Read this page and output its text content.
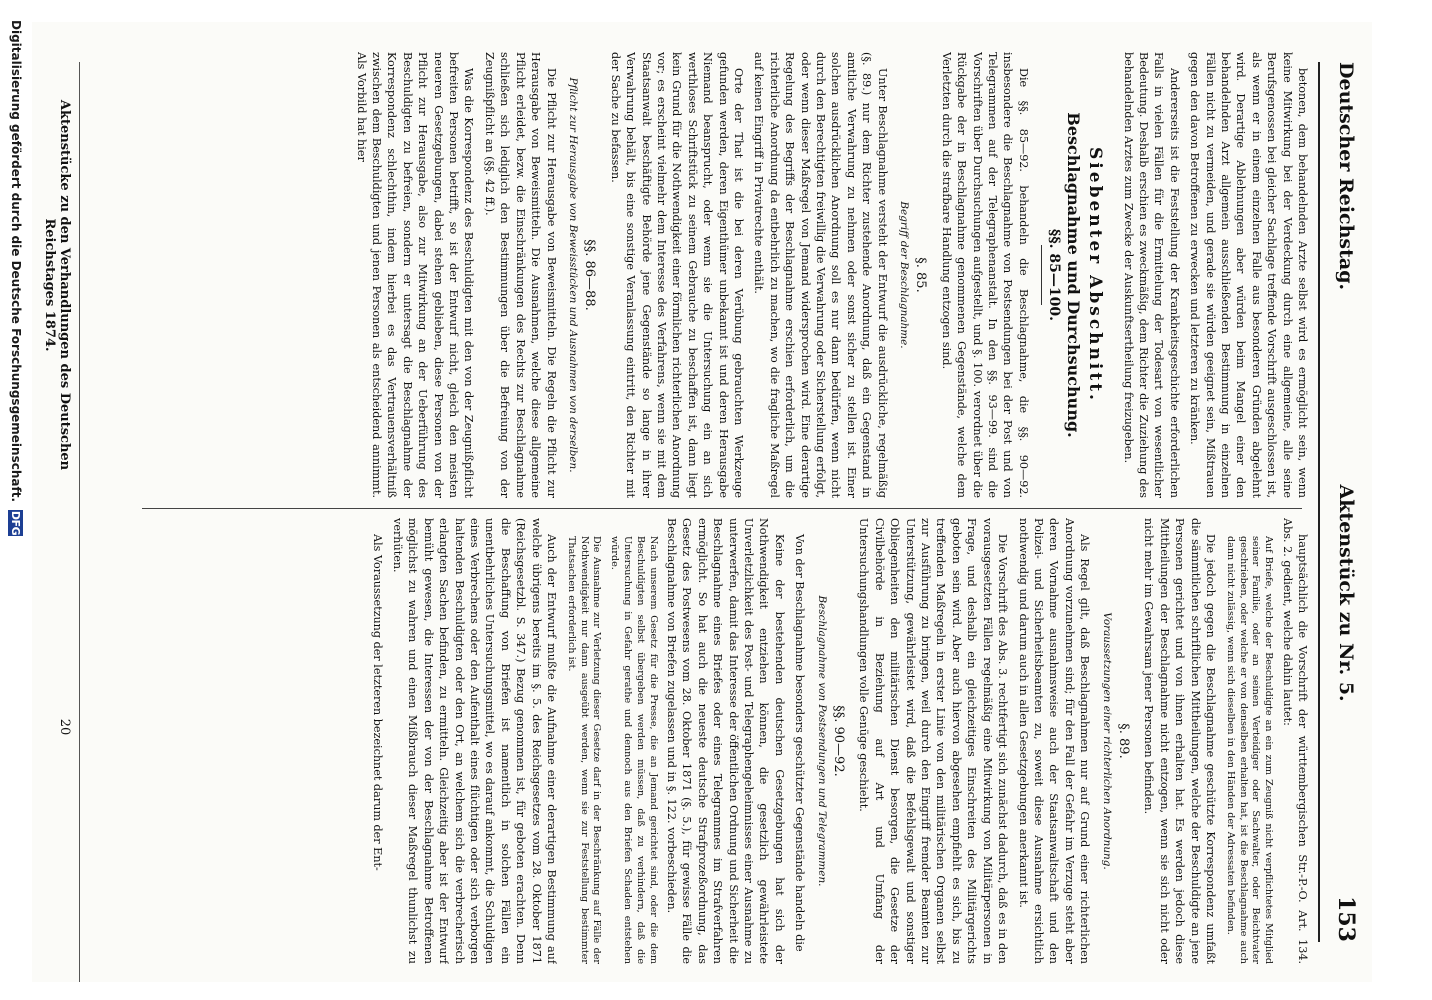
Deutscher Reichstag.
Aktenstück zu Nr. 5.
153

betonen, dem behandelnden Arzte selbst wird es ermöglicht sein, wenn keine Mitwirkung bei der Verdeckung durch eine allgemeine, alle seine Berufsgenossen bei gleicher Sachlage treffende Vorschrift ausgeschlossen ist, als wenn er in einem einzelnen Falle aus besonderen Gründen abgelehnt wird. Derartige Ablehnungen aber würden beim Mangel einer den behandelnden Arzt allgemein ausschließenden Bestimmung in einzelnen Fällen nicht zu vermeiden, und gerade sie würden geeignet sein, Mißtrauen gegen den davon Betroffenen zu erwecken und letzteren zu kränken.

Andererseits ist die Feststellung der Krankheitsgeschichte erforderlichen Falls in vielen Fällen für die Ermittelung der Todesart von wesentlicher Bedeutung. Deshalb erschien es zweckmäßig, dem Richter die Zuziehung des behandelnden Arztes zum Zwecke der Auskunftsertheilung freizugeben.

Siebenter Abschnitt.
Beschlagnahme und Durchsuchung.
§§. 85—100.

Die §§. 85—92. behandeln die Beschlagnahme, die §§. 90—92. insbesondere die Beschlagnahme von Postsendungen bei der Post und von Telegrammen auf der Telegraphenanstalt. In den §§. 93—99. sind die Vorschriften über Durchsuchungen aufgestellt, und §. 100. verordnet über die Rückgabe der in Beschlagnahme genommenen Gegenstände, welche dem Verletzten durch die strafbare Handlung entzogen sind.

§. 85.
Begriff der Beschlagnahme.

Unter Beschlagnahme versteht der Entwurf die ausdrückliche, regelmäßig (§. 89.) nur dem Richter zustehende Anordnung, daß ein Gegenstand in amtliche Verwahrung zu nehmen oder sonst sicher zu stellen ist. Einer solchen ausdrücklichen Anordnung soll es nur dann bedürfen, wenn nicht durch den Berechtigten freiwillig die Verwahrung oder Sicherstellung erfolgt, oder wenn dieser Maßregel von Jemand widersprochen wird. Eine derartige Regelung des Begriffs der Beschlagnahme erschien erforderlich, um die richterliche Anordnung da entbehrlich zu machen, wo die fragliche Maßregel auf keinen Eingriff in Privatrechte enthält.

Orte der That ist die bei deren Verübung gebrauchten Werkzeuge gefunden werden, deren Eigenthümer unbekannt ist und deren Herausgabe Niemand beansprucht, oder wenn sie die Untersuchung ein an sich werthloses Schriftstück zu seinem Gebrauche zu beschaffen ist, dann liegt kein Grund für die Nothwendigkeit einer förmlichen richterlichen Anordnung vor; es erscheint vielmehr dem Interesse des Verfahrens, wenn sie mit dem Staatsanwalt beschäftigte Behörde jene Gegenstände so lange in ihrer Verwahrung behält, bis eine sonstige Veranlassung eintritt, den Richter mit der Sache zu befassen.

§§. 86—88.
Pflicht zur Herausgabe von Beweisstücken und Ausnahmen von derselben.

Die Pflicht zur Herausgabe von Beweismitteln. Die Regeln die Pflicht zur Herausgabe von Beweismitteln. Die Ausnahmen, welche diese allgemeine Pflicht erleidet, bezw. die Einschränkungen des Rechts zur Beschlagnahme schließen sich lediglich den Bestimmungen über die Befreiung von der Zeugnißpflicht an (§§. 42 ff.).

Was die Korrespondenz des Beschuldigten mit den von der Zeugnißpflicht befreiten Personen betrifft, so ist der Entwurf nicht, gleich den meisten neueren Gesetzgebungen, dabei stehen geblieben, diese Personen von der Pflicht zur Herausgabe, also zur Mitwirkung an der Ueberführung des Beschuldigten zu befreien, sondern er untersagt die Beschlagnahme der Korrespondenz schlechthin, indem hierbei es das Vertrauensverhältniß zwischen dem Beschuldigten und jenen Personen als entscheidend annimmt. Als Vorbild hat hier

hauptsächlich die Vorschrift der württembergischen Str.-P.-O. Art. 134. Abs. 2. gedient, welche dahin lautet:

Auf Briefe, welche der Beschuldigte an ein zum Zeugniß nicht verpflichtetes Mitglied seiner Familie, oder an seinen Verteidiger oder Sachwalter, oder Beichtvater geschrieben, oder welche er von denselben erhalten hat, ist die Beschlagnahme auch dann nicht zulässig, wenn sich dieselben in den Händen der Adressaten befinden.

Die jedoch gegen die Beschlagnahme geschützte Korrespondenz umfaßt die sämmtlichen schriftlichen Mittheilungen, welche der Beschuldigte an jene Personen gerichtet und von ihnen erhalten hat. Es werden jedoch diese Mittheilungen der Beschlagnahme nicht entzogen, wenn sie sich nicht oder nicht mehr im Gewahrsam jener Personen befinden.

§. 89.
Voraussetzungen einer richterlichen Anordnung.

Als Regel gilt, daß Beschlagnahmen nur auf Grund einer richterlichen Anordnung vorzunehmen sind; für den Fall der Gefahr im Verzuge steht aber deren Vornahme ausnahmsweise auch der Staatsanwaltschaft und den Polizei- und Sicherheitsbeamten zu, soweit diese Ausnahme ersichtlich nothwendig und darum auch in allen Gesetzgebungen anerkannt ist.

Die Vorschrift des Abs. 3. rechtfertigt sich zunächst dadurch, daß es in den vorausgesetzten Fällen regelmäßig eine Mitwirkung von Militärpersonen in Frage, und deshalb ein gleichzeitiges Einschreiten des Militärgerichts geboten sein wird. Aber auch hiervon abgesehen empfiehlt es sich, bis zu treffenden Maßregeln in erster Linie von den militärischen Organen selbst zur Ausführung zu bringen, weil durch den Eingriff fremder Beamten zur Unterstützung, gewährleistet wird, daß die Befehlsgewalt und sonstiger Obliegenheiten den militärischen Dienst besorgen, die Gesetze der Civilbehörde in Beziehung auf Art und Umfang der Untersuchungshandlungen volle Genüge geschieht.

§§. 90—92.
Beschlagnahme von Postsendungen und Telegrammen.

Von der Beschlagnahme besonders geschützter Gegenstände handeln die

Keine der bestehenden deutschen Gesetzgebungen hat sich der Nothwendigkeit entziehen können, die gesetzlich gewährleistete Unverletzlichkeit des Post- und Telegraphengeheimnisses einer Ausnahme zu unterwerfen, damit das Interesse der öffentlichen Ordnung und Sicherheit die Beschlagnahme eines Briefes oder eines Telegrammes im Strafverfahren ermöglicht. So hat auch die neueste deutsche Strafprozeßordnung, das Gesetz des Postwesens vom 28. Oktober 1871 (§. 5.), für gewisse Fälle die Beschlagnahme von Briefen zugelassen und in §. 122. vorbeschieden.

Nach unserem Gesetz für die Presse, die an Jemand gerichtet sind, oder die dem Beschuldigten selbst übergeben werden müssen, daß zu verhindern, daß die Untersuchung in Gefahr gerathe und dennoch aus den Briefen Schaden entstehen würde.

Die Ausnahme zur Verletzung dieser Gesetze darf in der Beschränkung auf Fälle der Nothwendigkeit nur dann ausgeübt werden, wenn sie zur Feststellung bestimmter Thatsachen erforderlich ist.

Auch der Entwurf mußte die Aufnahme einer derartigen Bestimmung auf welche übrigens bereits im §. 5. des Reichsgesetzes vom 28. Oktober 1871 (Reichsgesetzbl. S. 347.) Bezug genommen ist, für geboten erachten. Denn die Beschaffung von Briefen ist namentlich in solchen Fällen ein unentbehrliches Untersuchungsmittel, wo es darauf ankommt, die Schuldigen eines Verbrechens oder den Aufenthalt eines flüchtigen oder sich verborgen haltenden Beschuldigten oder den Ort, an welchem sich die verbrecherisch erlangten Sachen befinden, zu ermitteln. Gleichzeitig aber ist der Entwurf bemüht gewesen, die Interessen der von der Beschlagnahme Betroffenen möglichst zu wahren und einen Mißbrauch dieser Maßregel thunlichst zu verhüten.

Als Voraussetzung der letzteren bezeichnet darum der Ent-

Aktenstücke zu den Verhandlungen des Deutschen Reichstages 1874.
20
Digitalisierung gefördert durch die Deutsche Forschungsgemeinschaft.
DFG
